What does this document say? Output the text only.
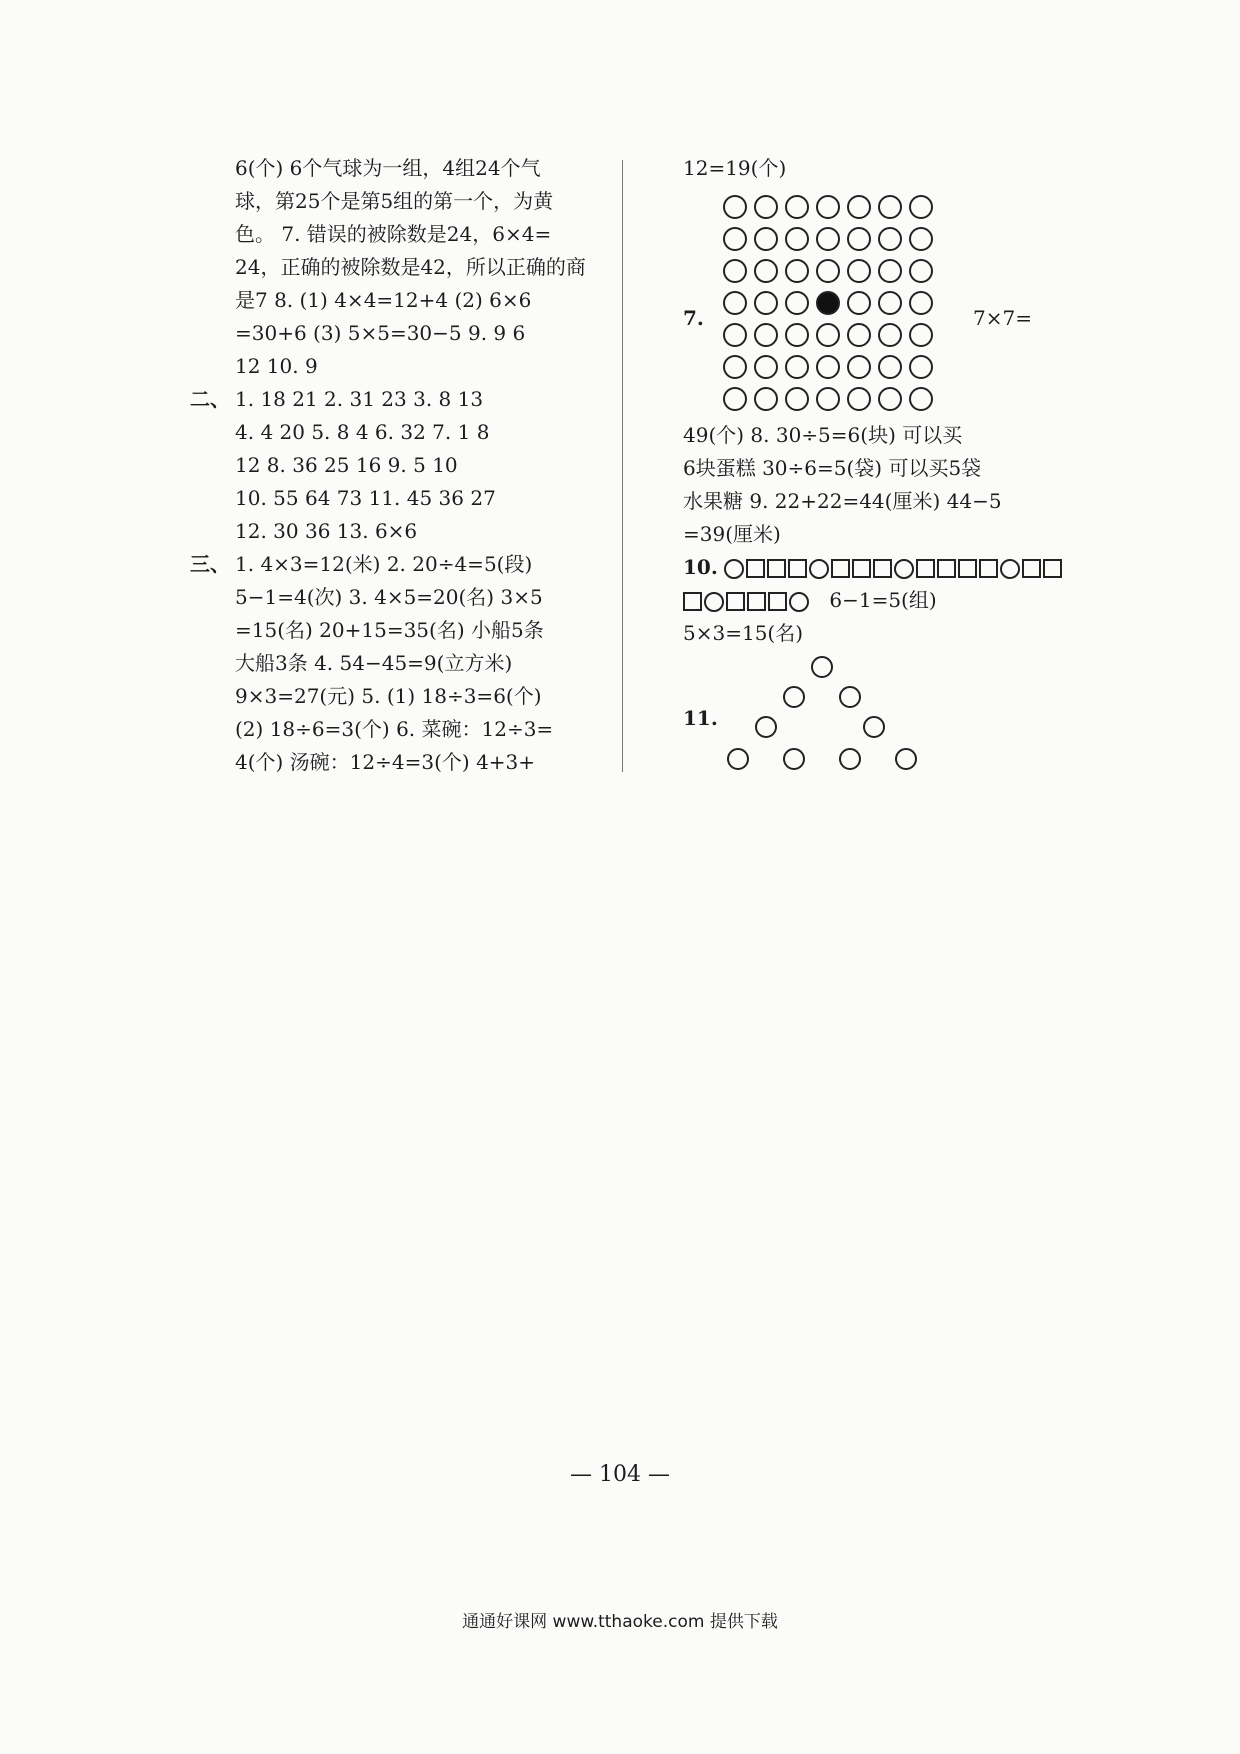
6(个) 6个气球为一组，4组24个气
球，第25个是第5组的第一个，为黄
色。 7. 错误的被除数是24，6×4=
24，正确的被除数是42，所以正确的商
是7 8. (1) 4×4=12+4 (2) 6×6
=30+6 (3) 5×5=30−5 9. 9 6
12 10. 9
二、 1. 18 21 2. 31 23 3. 8 13
4. 4 20 5. 8 4 6. 32 7. 1 8
12 8. 36 25 16 9. 5 10
10. 55 64 73 11. 45 36 27
12. 30 36 13. 6×6
三、 1. 4×3=12(米) 2. 20÷4=5(段)
5−1=4(次) 3. 4×5=20(名) 3×5
=15(名) 20+15=35(名) 小船5条
大船3条 4. 54−45=9(立方米)
9×3=27(元) 5. (1) 18÷3=6(个)
(2) 18÷6=3(个) 6. 菜碗：12÷3=
4(个) 汤碗：12÷4=3(个) 4+3+
12=19(个)
7.	7×7=
49(个) 8. 30÷5=6(块) 可以买
6块蛋糕 30÷6=5(袋) 可以买5袋
水果糖 9. 22+22=44(厘米) 44−5
=39(厘米)
10.
6−1=5(组)
5×3=15(名)
11.
— 104 —
通通好课网 www.tthaoke.com 提供下载
